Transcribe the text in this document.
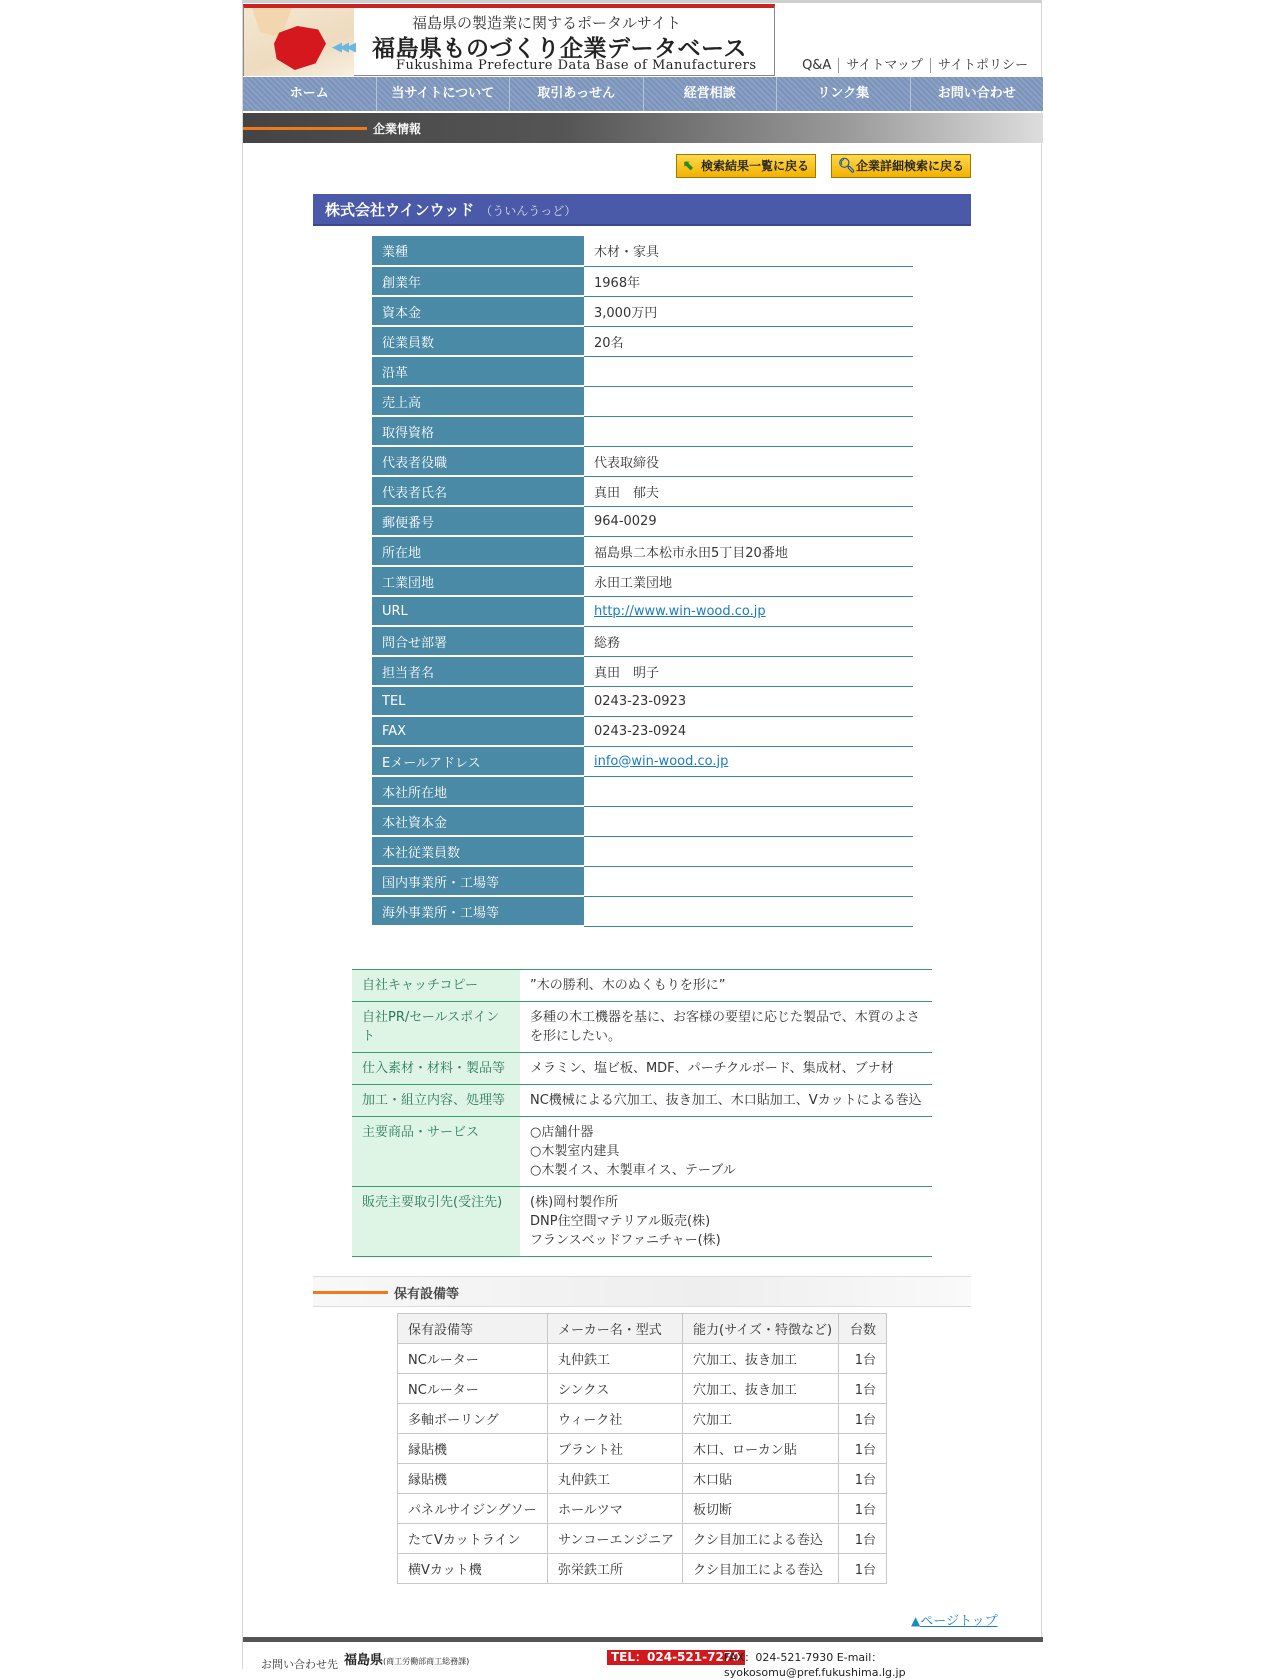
◀◀◀
福島県の製造業に関するポータルサイト
福島県ものづくり企業データベース
Fukushima Prefecture Data Base of Manufacturers	Q&A	サイトマップ	サイトポリシー
ホーム	当サイトについて	取引あっせん	経営相談	リンク集	お問い合わせ
企業情報
⬉ 検索結果一覧に戻る	🔍︎ 企業詳細検索に戻る
株式会社ウインウッド （ういんうっど）
業種	木材・家具
創業年	1968年
資本金	3,000万円
従業員数	20名
沿革	
売上高	
取得資格	
代表者役職	代表取締役
代表者氏名	真田　郁夫
郵便番号	964-0029
所在地	福島県二本松市永田5丁目20番地
工業団地	永田工業団地
URL	http://www.win-wood.co.jp
問合せ部署	総務
担当者名	真田　明子
TEL	0243-23-0923
FAX	0243-23-0924
Eメールアドレス	info@win-wood.co.jp
本社所在地	
本社資本金	
本社従業員数	
国内事業所・工場等	
海外事業所・工場等	
自社キャッチコピー	”木の勝利、木のぬくもりを形に”

自社PR/セールスポイント	多種の木工機器を基に、お客様の要望に応じた製品で、木質のよさを形にしたい。

仕入素材・材料・製品等	メラミン、塩ビ板、MDF、パーチクルボード、集成材、ブナ材

加工・組立内容、処理等	NC機械による穴加工、抜き加工、木口貼加工、Vカットによる巻込

主要商品・サービス	○店舗什器
○木製室内建具
○木製イス、木製車イス、テーブル

販売主要取引先(受注先)	(株)岡村製作所
DNP住空間マテリアル販売(株)
フランスベッドファニチャー(株)
保有設備等
保有設備等	メーカー名・型式	能力(サイズ・特徴など)	台数
NCルーター	丸仲鉄工	穴加工、抜き加工	1台
NCルーター	シンクス	穴加工、抜き加工	1台
多軸ボーリング	ウィーク社	穴加工	1台
縁貼機	ブラント社	木口、ローカン貼	1台
縁貼機	丸仲鉄工	木口貼	1台
パネルサイジングソー	ホールツマ	板切断	1台
たてVカットライン	サンコーエンジニア	クシ目加工による巻込	1台
横Vカット機	弥栄鉄工所	クシ目加工による巻込	1台
▲ページトップ
お問い合わせ先 福島県(商工労働部商工総務課)	TEL：024-521-7270
FAX：024-521-7930 E-mail：syokosomu@pref.fukushima.lg.jp
